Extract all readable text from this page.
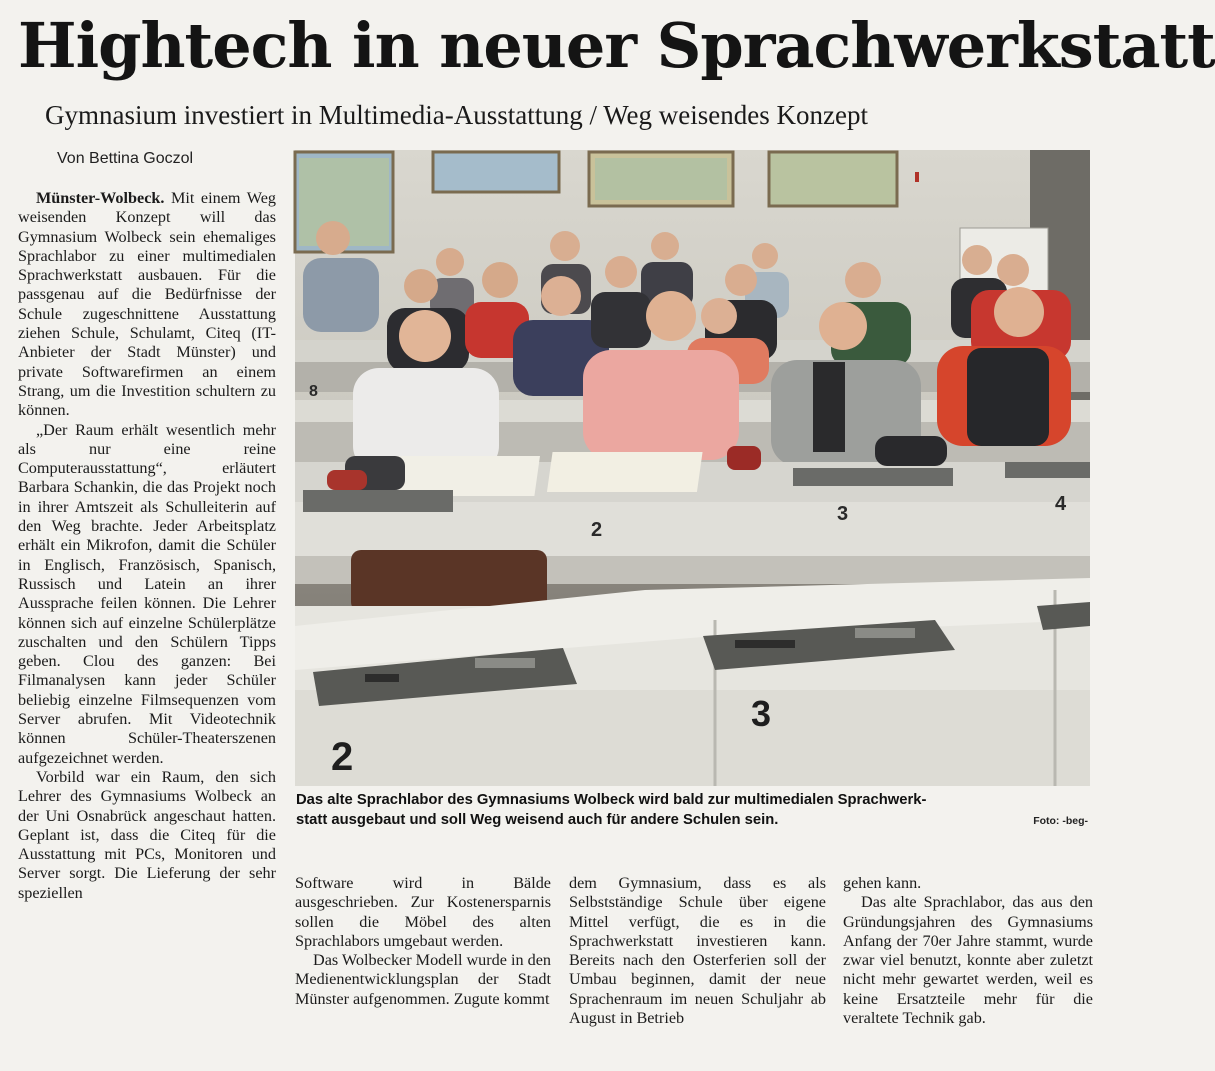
Hightech in neuer Sprachwerkstatt
Gymnasium investiert in Multimedia-Ausstattung / Weg weisendes Konzept
Von Bettina Goczol

Münster-Wolbeck. Mit einem Weg weisenden Konzept will das Gymnasium Wolbeck sein ehemaliges Sprachlabor zu einer multimedialen Sprachwerkstatt ausbauen. Für die passgenau auf die Bedürfnisse der Schule zugeschnittene Ausstattung ziehen Schule, Schulamt, Citeq (IT-Anbieter der Stadt Münster) und private Softwarefirmen an einem Strang, um die Investition schultern zu können.

„Der Raum erhält wesentlich mehr als nur eine reine Computerausstattung“, erläutert Barbara Schankin, die das Projekt noch in ihrer Amtszeit als Schulleiterin auf den Weg brachte. Jeder Arbeitsplatz erhält ein Mikrofon, damit die Schüler in Englisch, Französisch, Spanisch, Russisch und Latein an ihrer Aussprache feilen können. Die Lehrer können sich auf einzelne Schülerplätze zuschalten und den Schülern Tipps geben. Clou des ganzen: Bei Filmanalysen kann jeder Schüler beliebig einzelne Filmsequenzen vom Server abrufen. Mit Videotechnik können Schüler-Theaterszenen aufgezeichnet werden.

Vorbild war ein Raum, den sich Lehrer des Gymnasiums Wolbeck an der Uni Osnabrück angeschaut hatten. Geplant ist, dass die Citeq für die Ausstattung mit PCs, Monitoren und Server sorgt. Die Lieferung der sehr speziellen

8
2
3	4
2
3
Das alte Sprachlabor des Gymnasiums Wolbeck wird bald zur multimedialen Sprachwerk-
statt ausgebaut und soll Weg weisend auch für andere Schulen sein.	Foto: -beg-

Software wird in Bälde ausgeschrieben. Zur Kostenersparnis sollen die Möbel des alten Sprachlabors umgebaut werden.

Das Wolbecker Modell wurde in den Medienentwicklungsplan der Stadt Münster aufgenommen. Zugute kommt

dem Gymnasium, dass es als Selbstständige Schule über eigene Mittel verfügt, die es in die Sprachwerkstatt investieren kann. Bereits nach den Osterferien soll der Umbau beginnen, damit der neue Sprachenraum im neuen Schuljahr ab August in Betrieb

gehen kann.

Das alte Sprachlabor, das aus den Gründungsjahren des Gymnasiums Anfang der 70er Jahre stammt, wurde zwar viel benutzt, konnte aber zuletzt nicht mehr gewartet werden, weil es keine Ersatzteile mehr für die veraltete Technik gab.
